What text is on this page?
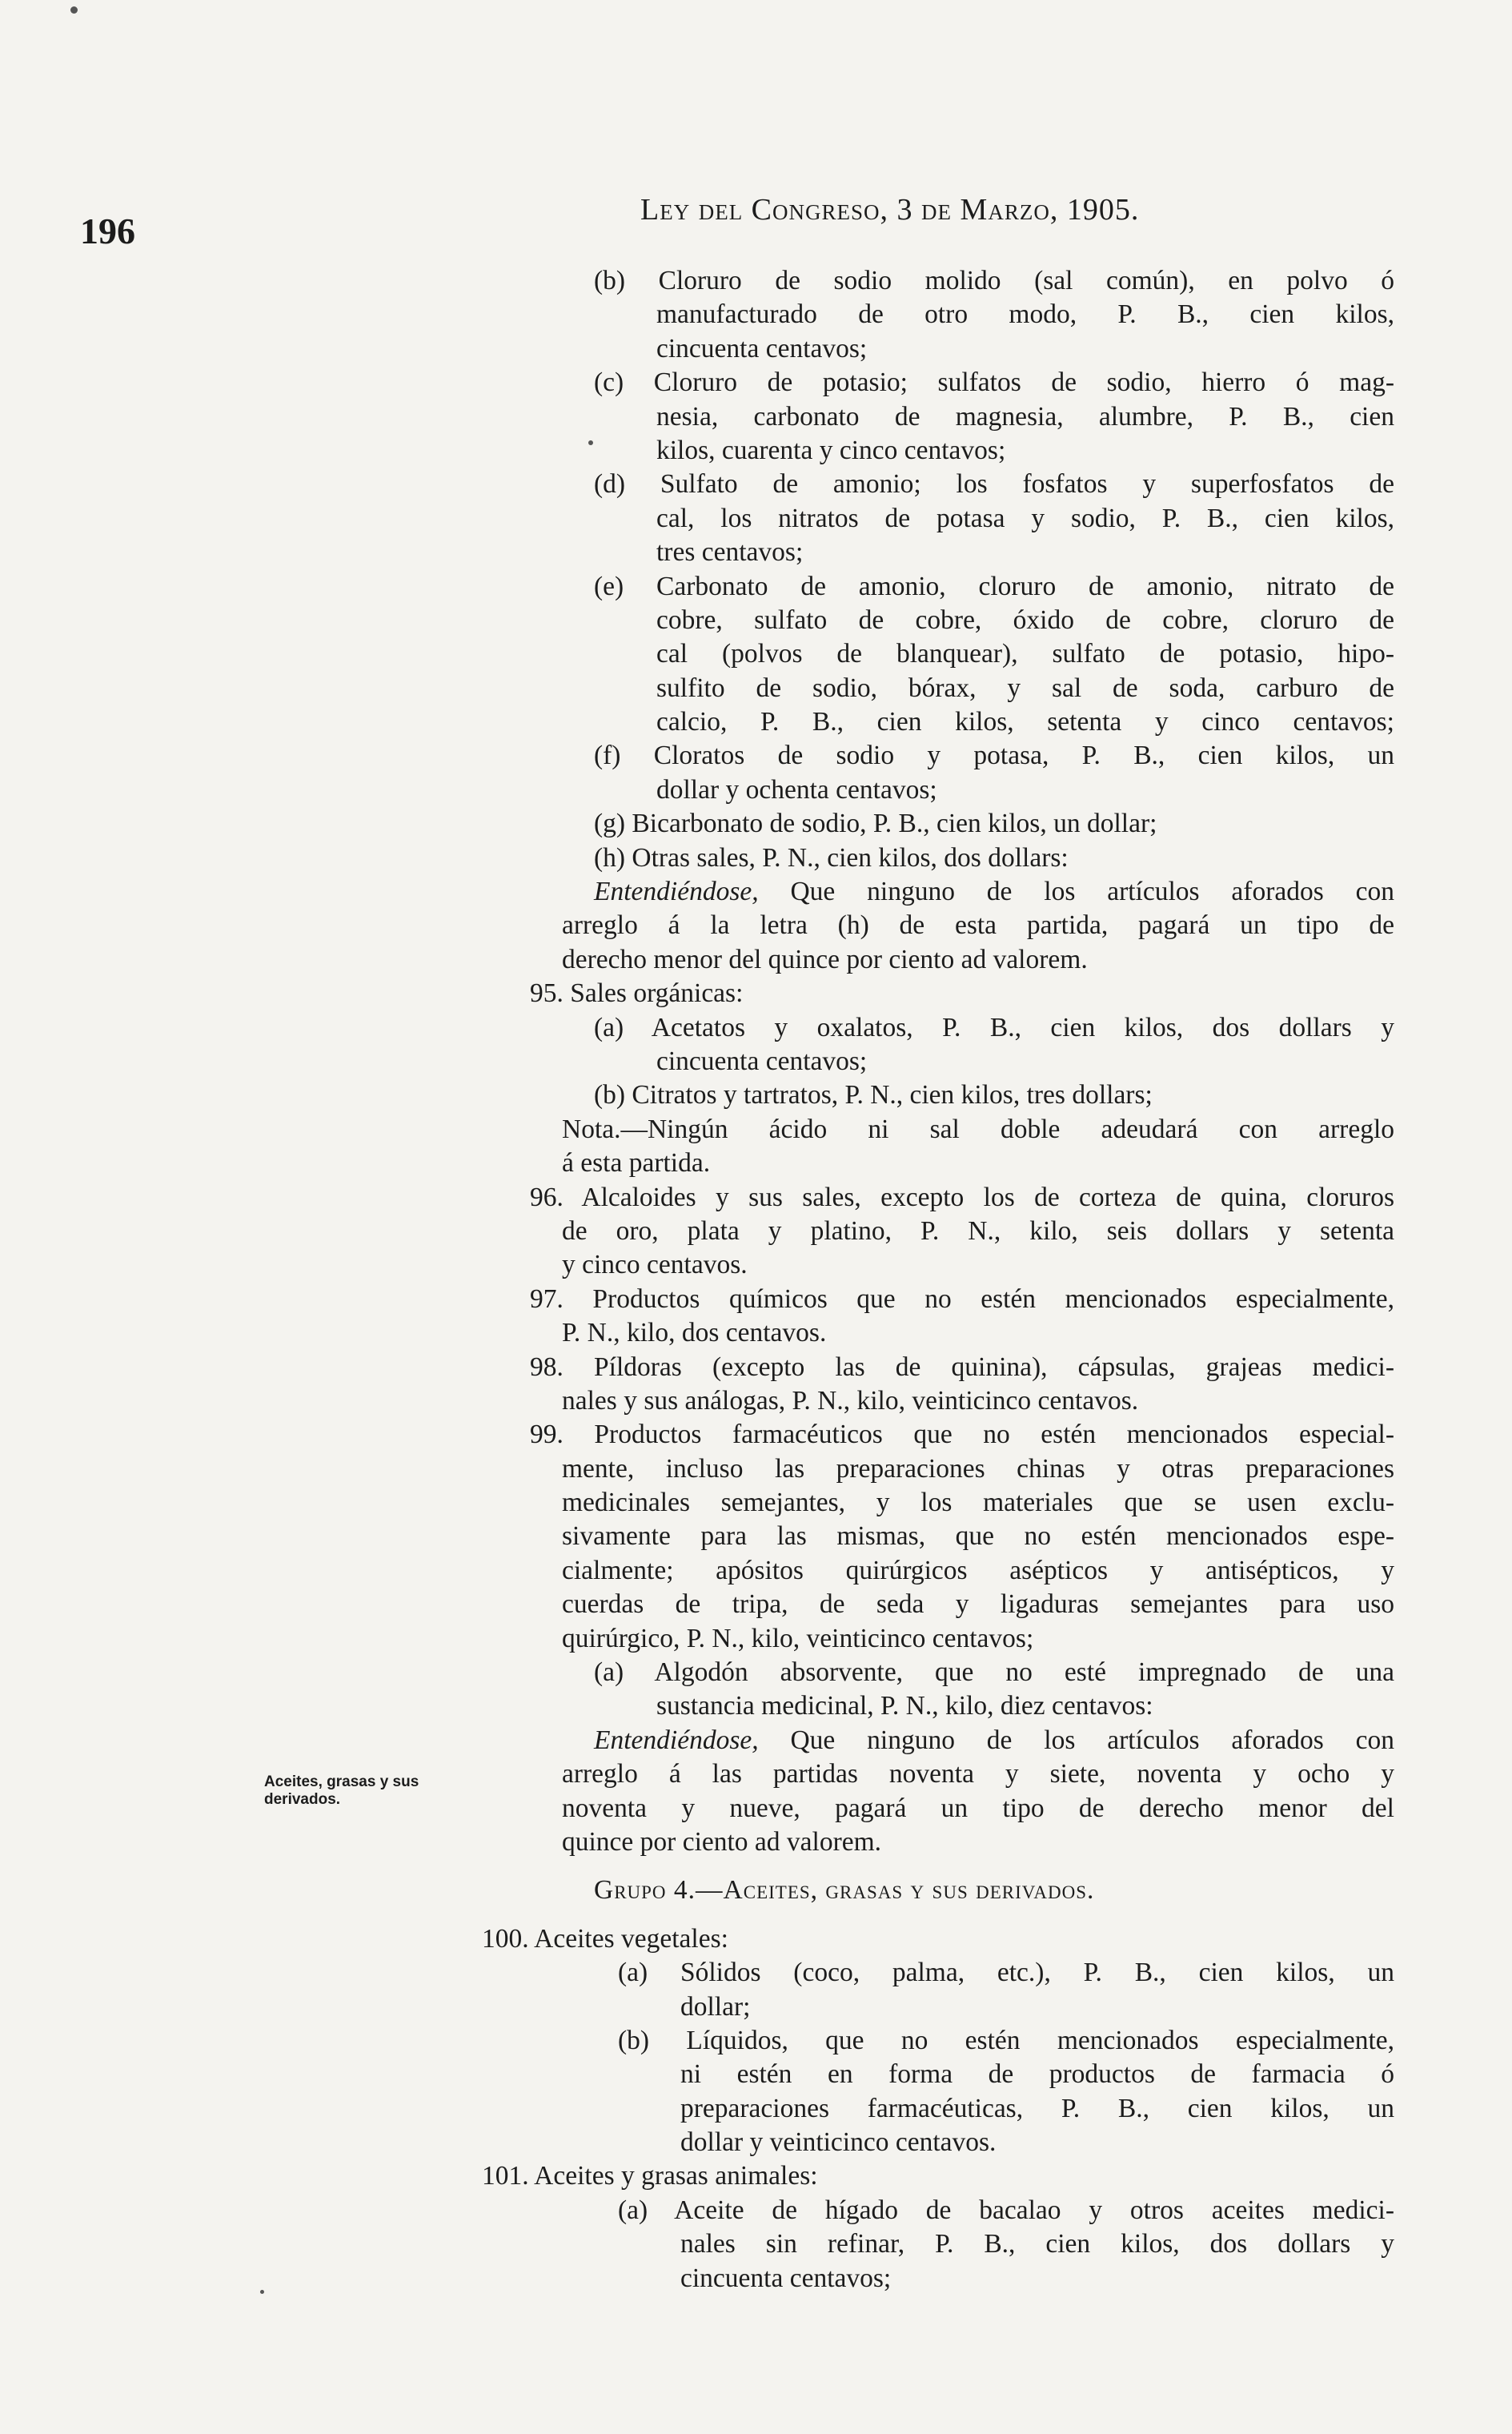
196
Ley del Congreso, 3 de Marzo, 1905.
Aceites, grasas y sus derivados.
(b) Cloruro de sodio molido (sal común), en polvo ó
manufacturado de otro modo, P. B., cien kilos,
cincuenta centavos;
(c) Cloruro de potasio; sulfatos de sodio, hierro ó mag-
nesia, carbonato de magnesia, alumbre, P. B., cien
kilos, cuarenta y cinco centavos;
(d) Sulfato de amonio; los fosfatos y superfosfatos de
cal, los nitratos de potasa y sodio, P. B., cien kilos,
tres centavos;
(e) Carbonato de amonio, cloruro de amonio, nitrato de
cobre, sulfato de cobre, óxido de cobre, cloruro de
cal (polvos de blanquear), sulfato de potasio, hipo-
sulfito de sodio, bórax, y sal de soda, carburo de
calcio, P. B., cien kilos, setenta y cinco centavos;
(f) Cloratos de sodio y potasa, P. B., cien kilos, un
dollar y ochenta centavos;
(g) Bicarbonato de sodio, P. B., cien kilos, un dollar;
(h) Otras sales, P. N., cien kilos, dos dollars:
Entendiéndose, Que ninguno de los artículos aforados con
arreglo á la letra (h) de esta partida, pagará un tipo de
derecho menor del quince por ciento ad valorem.
95. Sales orgánicas:
(a) Acetatos y oxalatos, P. B., cien kilos, dos dollars y
cincuenta centavos;
(b) Citratos y tartratos, P. N., cien kilos, tres dollars;
Nota.—Ningún ácido ni sal doble adeudará con arreglo
á esta partida.
96. Alcaloides y sus sales, excepto los de corteza de quina, cloruros
de oro, plata y platino, P. N., kilo, seis dollars y setenta
y cinco centavos.
97. Productos químicos que no estén mencionados especialmente,
P. N., kilo, dos centavos.
98. Píldoras (excepto las de quinina), cápsulas, grajeas medici-
nales y sus análogas, P. N., kilo, veinticinco centavos.
99. Productos farmacéuticos que no estén mencionados especial-
mente, incluso las preparaciones chinas y otras preparaciones
medicinales semejantes, y los materiales que se usen exclu-
sivamente para las mismas, que no estén mencionados espe-
cialmente; apósitos quirúrgicos asépticos y antisépticos, y
cuerdas de tripa, de seda y ligaduras semejantes para uso
quirúrgico, P. N., kilo, veinticinco centavos;
(a) Algodón absorvente, que no esté impregnado de una
sustancia medicinal, P. N., kilo, diez centavos:
Entendiéndose, Que ninguno de los artículos aforados con
arreglo á las partidas noventa y siete, noventa y ocho y
noventa y nueve, pagará un tipo de derecho menor del
quince por ciento ad valorem.
Grupo 4.—Aceites, grasas y sus derivados.
100. Aceites vegetales:
(a) Sólidos (coco, palma, etc.), P. B., cien kilos, un
dollar;
(b) Líquidos, que no estén mencionados especialmente,
ni estén en forma de productos de farmacia ó
preparaciones farmacéuticas, P. B., cien kilos, un
dollar y veinticinco centavos.
101. Aceites y grasas animales:
(a) Aceite de hígado de bacalao y otros aceites medici-
nales sin refinar, P. B., cien kilos, dos dollars y
cincuenta centavos;
